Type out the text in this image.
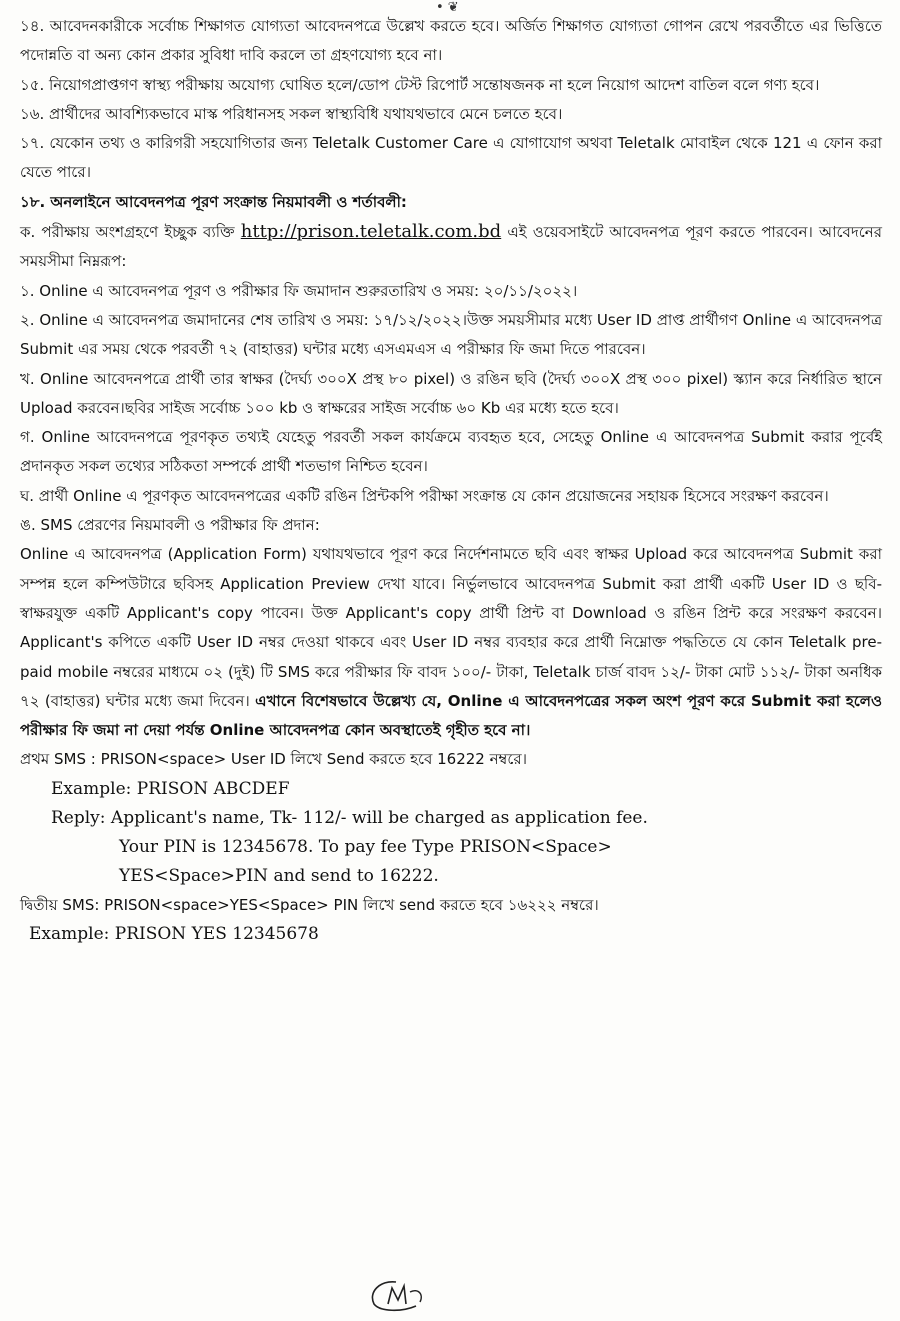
• ❦

১৪. আবেদনকারীকে সর্বোচ্চ শিক্ষাগত যোগ্যতা আবেদনপত্রে উল্লেখ করতে হবে। অর্জিত শিক্ষাগত যোগ্যতা গোপন রেখে পরবর্তীতে এর ভিত্তিতে পদোন্নতি বা অন্য কোন প্রকার সুবিধা দাবি করলে তা গ্রহণযোগ্য হবে না।

১৫. নিয়োগপ্রাপ্তগণ স্বাস্থ্য পরীক্ষায় অযোগ্য ঘোষিত হলে/ডোপ টেস্ট রিপোর্ট সন্তোষজনক না হলে নিয়োগ আদেশ বাতিল বলে গণ্য হবে।

১৬. প্রার্থীদের আবশ্যিকভাবে মাস্ক পরিধানসহ সকল স্বাস্থ্যবিধি যথাযথভাবে মেনে চলতে হবে।

১৭. যেকোন তথ্য ও কারিগরী সহযোগিতার জন্য Teletalk Customer Care এ যোগাযোগ অথবা Teletalk মোবাইল থেকে 121 এ ফোন করা যেতে পারে।

১৮. অনলাইনে আবেদনপত্র পূরণ সংক্রান্ত নিয়মাবলী ও শর্তাবলী:

ক. পরীক্ষায় অংশগ্রহণে ইচ্ছুক ব্যক্তি http://prison.teletalk.com.bd এই ওয়েবসাইটে আবেদনপত্র পূরণ করতে পারবেন। আবেদনের সময়সীমা নিম্নরূপ:

১. Online এ আবেদনপত্র পূরণ ও পরীক্ষার ফি জমাদান শুরুরতারিখ ও সময়: ২০/১১/২০২২।

২. Online এ আবেদনপত্র জমাদানের শেষ তারিখ ও সময়: ১৭/১২/২০২২।উক্ত সময়সীমার মধ্যে User ID প্রাপ্ত প্রার্থীগণ Online এ আবেদনপত্র Submit এর সময় থেকে পরবর্তী ৭২ (বাহাত্তর) ঘন্টার মধ্যে এসএমএস এ পরীক্ষার ফি জমা দিতে পারবেন।

খ. Online আবেদনপত্রে প্রার্থী তার স্বাক্ষর (দৈর্ঘ্য ৩০০X প্রস্থ ৮০ pixel) ও রঙিন ছবি (দৈর্ঘ্য ৩০০X প্রস্থ ৩০০ pixel) স্ক্যান করে নির্ধারিত স্থানে Upload করবেন।ছবির সাইজ সর্বোচ্চ ১০০ kb ও স্বাক্ষরের সাইজ সর্বোচ্চ ৬০ Kb এর মধ্যে হতে হবে।

গ. Online আবেদনপত্রে পূরণকৃত তথ্যই যেহেতু পরবর্তী সকল কার্যক্রমে ব্যবহৃত হবে, সেহেতু Online এ আবেদনপত্র Submit করার পূর্বেই প্রদানকৃত সকল তথ্যের সঠিকতা সম্পর্কে প্রার্থী শতভাগ নিশ্চিত হবেন।

ঘ. প্রার্থী Online এ পূরণকৃত আবেদনপত্রের একটি রঙিন প্রিন্টকপি পরীক্ষা সংক্রান্ত যে কোন প্রয়োজনের সহায়ক হিসেবে সংরক্ষণ করবেন।

ঙ. SMS প্রেরণের নিয়মাবলী ও পরীক্ষার ফি প্রদান:

Online এ আবেদনপত্র (Application Form) যথাযথভাবে পূরণ করে নির্দেশনামতে ছবি এবং স্বাক্ষর Upload করে আবেদনপত্র Submit করা সম্পন্ন হলে কম্পিউটারে ছবিসহ Application Preview দেখা যাবে। নির্ভুলভাবে আবেদনপত্র Submit করা প্রার্থী একটি User ID ও ছবি-স্বাক্ষরযুক্ত একটি Applicant's copy পাবেন। উক্ত Applicant's copy প্রার্থী প্রিন্ট বা Download ও রঙিন প্রিন্ট করে সংরক্ষণ করবেন। Applicant's কপিতে একটি User ID নম্বর দেওয়া থাকবে এবং User ID নম্বর ব্যবহার করে প্রার্থী নিম্নোক্ত পদ্ধতিতে যে কোন Teletalk pre-paid mobile নম্বরের মাধ্যমে ০২ (দুই) টি SMS করে পরীক্ষার ফি বাবদ ১০০/- টাকা, Teletalk চার্জ বাবদ ১২/- টাকা মোট ১১২/- টাকা অনধিক ৭২ (বাহাত্তর) ঘন্টার মধ্যে জমা দিবেন। এখানে বিশেষভাবে উল্লেখ্য যে, Online এ আবেদনপত্রের সকল অংশ পূরণ করে Submit করা হলেও পরীক্ষার ফি জমা না দেয়া পর্যন্ত Online আবেদনপত্র কোন অবস্থাতেই গৃহীত হবে না।

প্রথম SMS : PRISON<space> User ID লিখে Send করতে হবে 16222 নম্বরে।

Example: PRISON ABCDEF
Reply: Applicant's name, Tk- 112/- will be charged as application fee.
Your PIN is 12345678. To pay fee Type PRISON<Space>
YES<Space>PIN and send to 16222.

দ্বিতীয় SMS: PRISON<space>YES<Space> PIN লিখে send করতে হবে ১৬২২২ নম্বরে।

Example: PRISON YES 12345678
